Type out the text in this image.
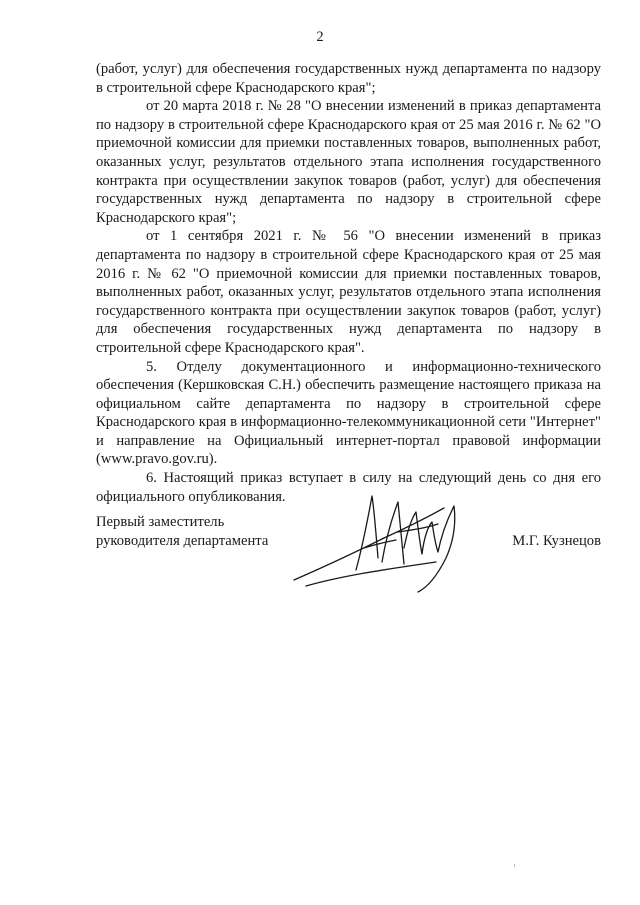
2

(работ, услуг) для обеспечения государственных нужд департамента по надзору в строительной сфере Краснодарского края";

от 20 марта 2018 г. № 28 "О внесении изменений в приказ департамента по надзору в строительной сфере Краснодарского края от 25 мая 2016 г. № 62 "О приемочной комиссии для приемки поставленных товаров, выполненных работ, оказанных услуг, результатов отдельного этапа исполнения государственного контракта при осуществлении закупок товаров (работ, услуг) для обеспечения государственных нужд департамента по надзору в строительной сфере Краснодарского края";

от 1 сентября 2021 г. № 56 "О внесении изменений в приказ департамента по надзору в строительной сфере Краснодарского края от 25 мая 2016 г. № 62 "О приемочной комиссии для приемки поставленных товаров, выполненных работ, оказанных услуг, результатов отдельного этапа исполнения государственного контракта при осуществлении закупок товаров (работ, услуг) для обеспечения государственных нужд департамента по надзору в строительной сфере Краснодарского края".

5. Отделу документационного и информационно-технического обеспечения (Кершковская С.Н.) обеспечить размещение настоящего приказа на официальном сайте департамента по надзору в строительной сфере Краснодарского края в информационно-телекоммуникационной сети "Интернет" и направление на Официальный интернет-портал правовой информации (www.pravo.gov.ru).

6. Настоящий приказ вступает в силу на следующий день со дня его официального опубликования.

Первый заместитель
руководителя департамента	М.Г. Кузнецов
